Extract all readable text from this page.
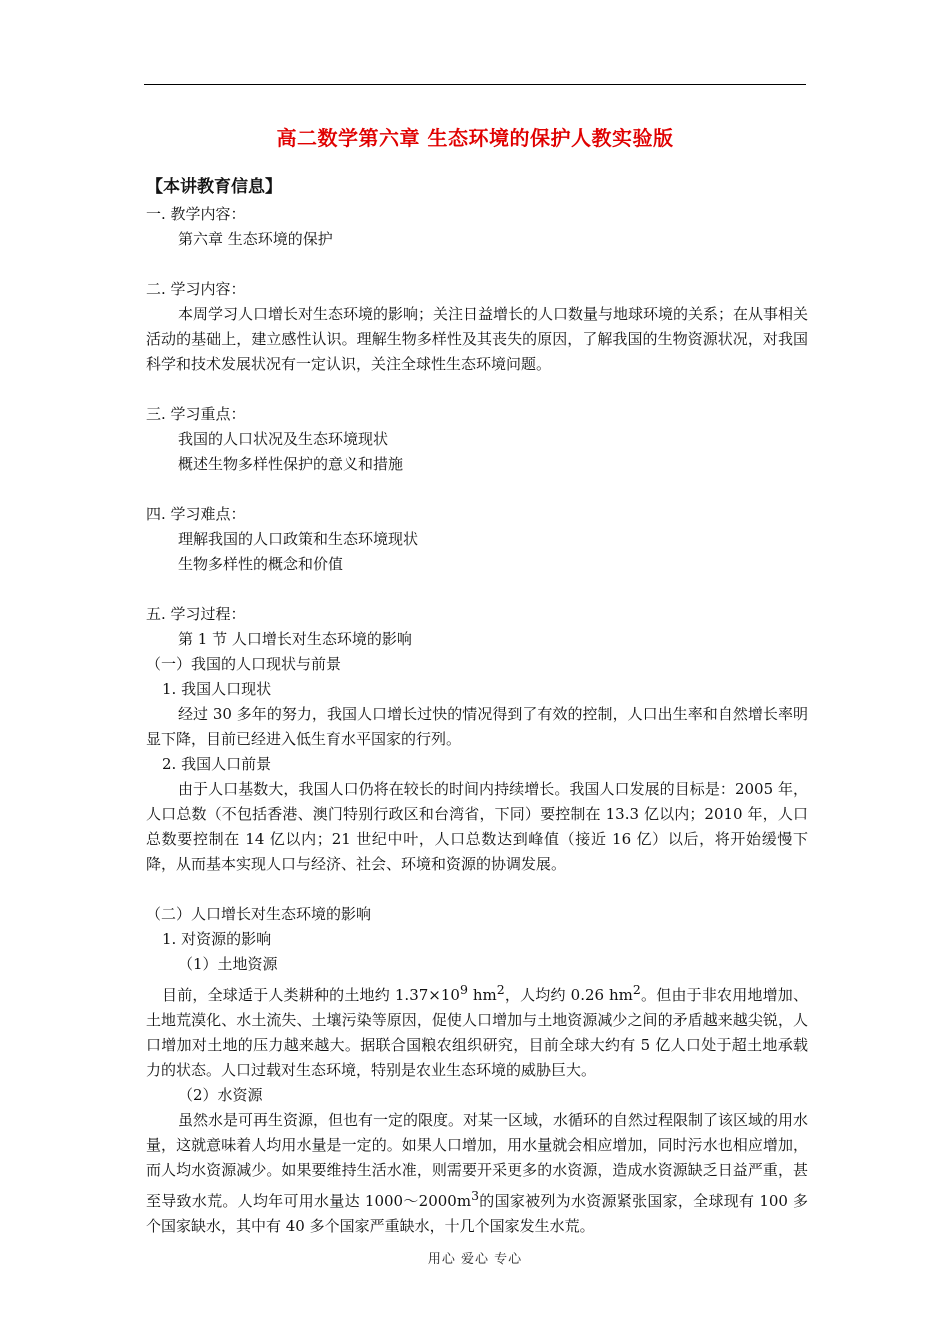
高二数学第六章 生态环境的保护人教实验版

【本讲教育信息】

一. 教学内容：

第六章 生态环境的保护

二. 学习内容：

本周学习人口增长对生态环境的影响；关注日益增长的人口数量与地球环境的关系；在从事相关活动的基础上，建立感性认识。理解生物多样性及其丧失的原因，了解我国的生物资源状况，对我国科学和技术发展状况有一定认识，关注全球性生态环境问题。

三. 学习重点：

我国的人口状况及生态环境现状

概述生物多样性保护的意义和措施

四. 学习难点：

理解我国的人口政策和生态环境现状

生物多样性的概念和价值

五. 学习过程：

第 1 节 人口增长对生态环境的影响

（一）我国的人口现状与前景

1. 我国人口现状

经过 30 多年的努力，我国人口增长过快的情况得到了有效的控制，人口出生率和自然增长率明显下降，目前已经进入低生育水平国家的行列。

2. 我国人口前景

由于人口基数大，我国人口仍将在较长的时间内持续增长。我国人口发展的目标是：2005 年，人口总数（不包括香港、澳门特别行政区和台湾省，下同）要控制在 13.3 亿以内；2010 年，人口总数要控制在 14 亿以内；21 世纪中叶，人口总数达到峰值（接近 16 亿）以后，将开始缓慢下降，从而基本实现人口与经济、社会、环境和资源的协调发展。

（二）人口增长对生态环境的影响

1. 对资源的影响

（1）土地资源

目前，全球适于人类耕种的土地约 $1.37\times 10^9$ $hm^2$，人均约 0.26 $hm^2$。但由于非农用地增加、土地荒漠化、水土流失、土壤污染等原因，促使人口增加与土地资源减少之间的矛盾越来越尖锐，人口增加对土地的压力越来越大。据联合国粮农组织研究，目前全球大约有 5 亿人口处于超土地承载力的状态。人口过载对生态环境，特别是农业生态环境的威胁巨大。

（2）水资源

虽然水是可再生资源，但也有一定的限度。对某一区域，水循环的自然过程限制了该区域的用水量，这就意味着人均用水量是一定的。如果人口增加，用水量就会相应增加，同时污水也相应增加，而人均水资源减少。如果要维持生活水准，则需要开采更多的水资源，造成水资源缺乏日益严重，甚至导致水荒。人均年可用水量达 $1000\sim 2000m^3$的国家被列为水资源紧张国家，全球现有 100 多个国家缺水，其中有 40 多个国家严重缺水，十几个国家发生水荒。

用心 爱心 专心
